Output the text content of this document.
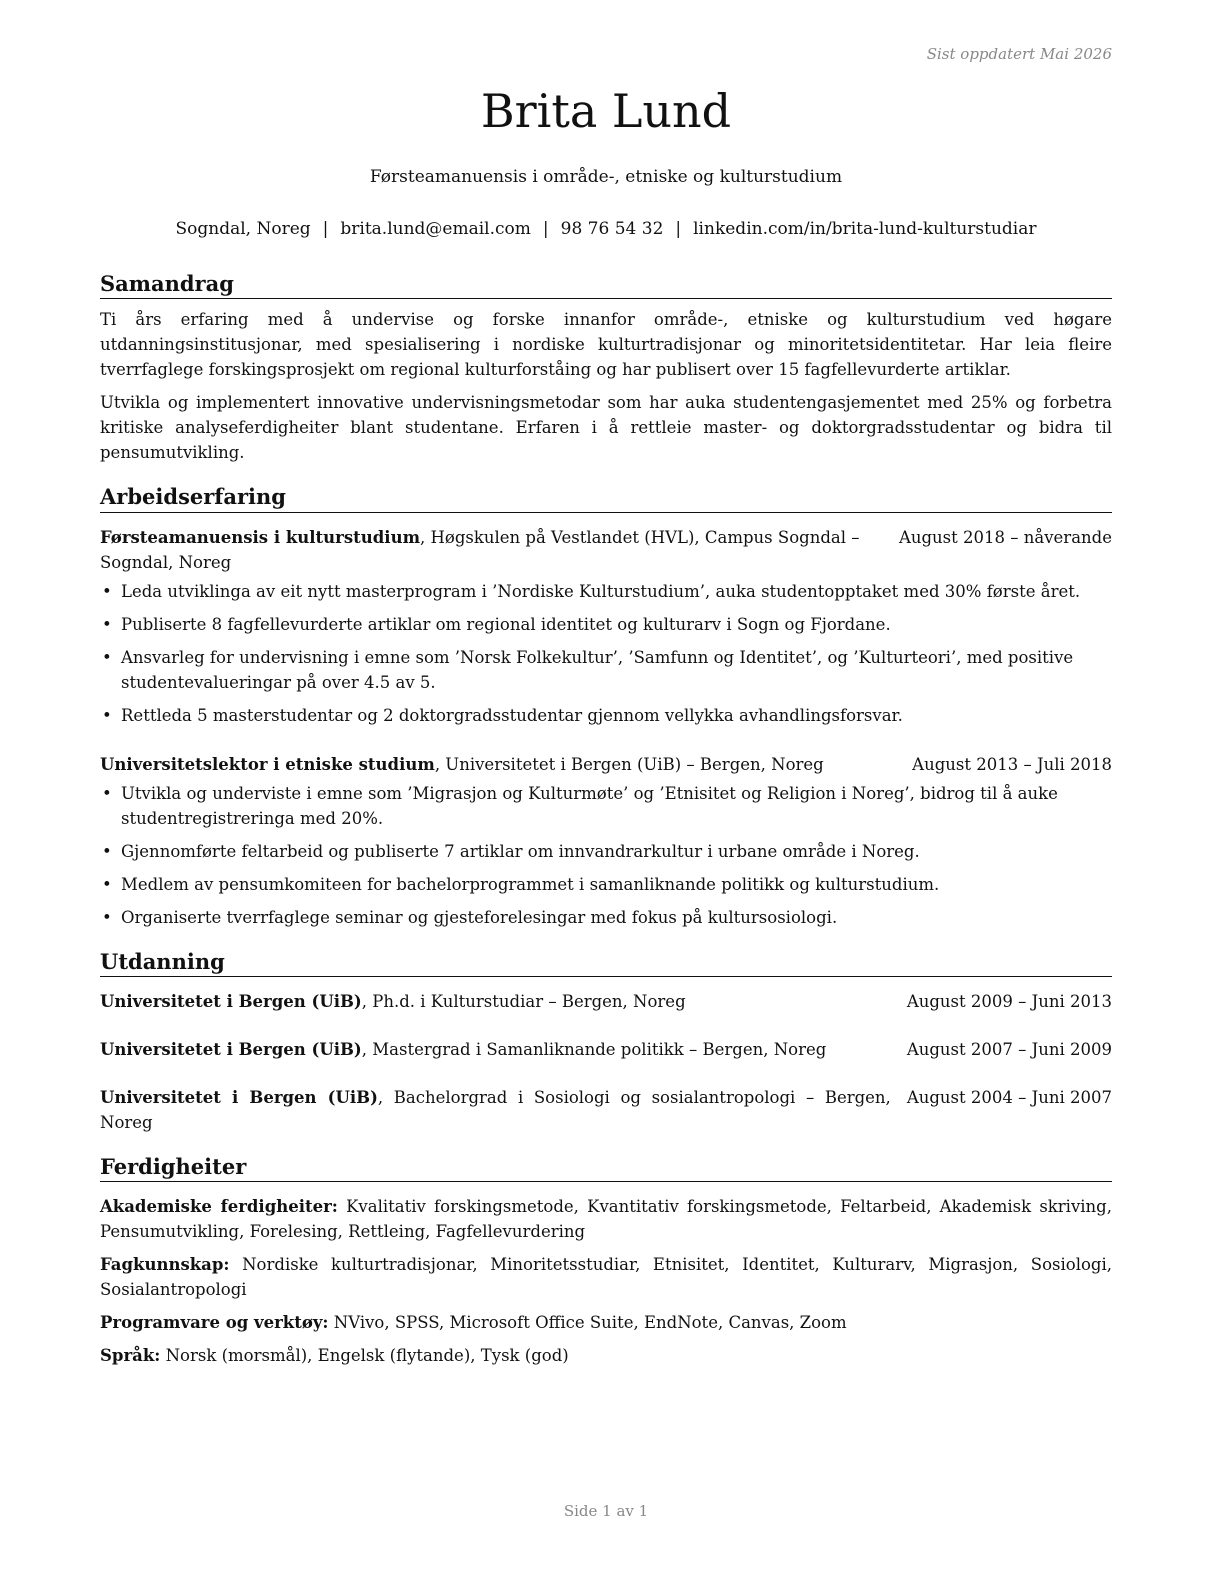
Sist oppdatert Mai 2026
Brita Lund
Førsteamanuensis i område-, etniske og kulturstudium
Sogndal, Noreg | brita.lund@email.com | 98 76 54 32 | linkedin.com/in/brita-lund-kulturstudiar
Samandrag

Ti års erfaring med å undervise og forske innanfor område-, etniske og kulturstudium ved høgare utdanningsinstitusjonar, med spesialisering i nordiske kulturtradisjonar og minoritetsidentitetar. Har leia fleire tverrfaglege forskingsprosjekt om regional kulturforståing og har publisert over 15 fagfellevurderte artiklar.

Utvikla og implementert innovative undervisningsmetodar som har auka studentengasjementet med 25% og forbetra kritiske analyseferdigheiter blant studentane. Erfaren i å rettleie master- og doktorgradsstudentar og bidra til pensumutvikling.

Arbeidserfaring
Førsteamanuensis i kulturstudium, Høgskulen på Vestlandet (HVL), Campus Sogndal – Sogndal, Noreg
August 2018 – nåverande
• Leda utviklinga av eit nytt masterprogram i ’Nordiske Kulturstudium’, auka studentopptaket med 30% første året.
• Publiserte 8 fagfellevurderte artiklar om regional identitet og kulturarv i Sogn og Fjordane.
• Ansvarleg for undervisning i emne som ’Norsk Folkekultur’, ’Samfunn og Identitet’, og ’Kulturteori’, med positive studentevalueringar på over 4.5 av 5.
• Rettleda 5 masterstudentar og 2 doktorgradsstudentar gjennom vellykka avhandlingsforsvar.
Universitetslektor i etniske studium, Universitetet i Bergen (UiB) – Bergen, Noreg	August 2013 – Juli 2018
• Utvikla og underviste i emne som ’Migrasjon og Kulturmøte’ og ’Etnisitet og Religion i Noreg’, bidrog til å auke studentregistreringa med 20%.
• Gjennomførte feltarbeid og publiserte 7 artiklar om innvandrarkultur i urbane område i Noreg.
• Medlem av pensumkomiteen for bachelorprogrammet i samanliknande politikk og kulturstudium.
• Organiserte tverrfaglege seminar og gjesteforelesingar med fokus på kultursosiologi.
Utdanning
Universitetet i Bergen (UiB), Ph.d. i Kulturstudiar – Bergen, Noreg	August 2009 – Juni 2013
Universitetet i Bergen (UiB), Mastergrad i Samanliknande politikk – Bergen, Noreg	August 2007 – Juni 2009
Universitetet i Bergen (UiB), Bachelorgrad i Sosiologi og sosialantropologi – Bergen, Noreg
August 2004 – Juni 2007
Ferdigheiter
Akademiske ferdigheiter: Kvalitativ forskingsmetode, Kvantitativ forskingsmetode, Feltarbeid, Akademisk skriving, Pensumutvikling, Forelesing, Rettleing, Fagfellevurdering
Fagkunnskap: Nordiske kulturtradisjonar, Minoritetsstudiar, Etnisitet, Identitet, Kulturarv, Migrasjon, Sosiologi, Sosialantropologi
Programvare og verktøy: NVivo, SPSS, Microsoft Office Suite, EndNote, Canvas, Zoom
Språk: Norsk (morsmål), Engelsk (flytande), Tysk (god)
Side 1 av 1
